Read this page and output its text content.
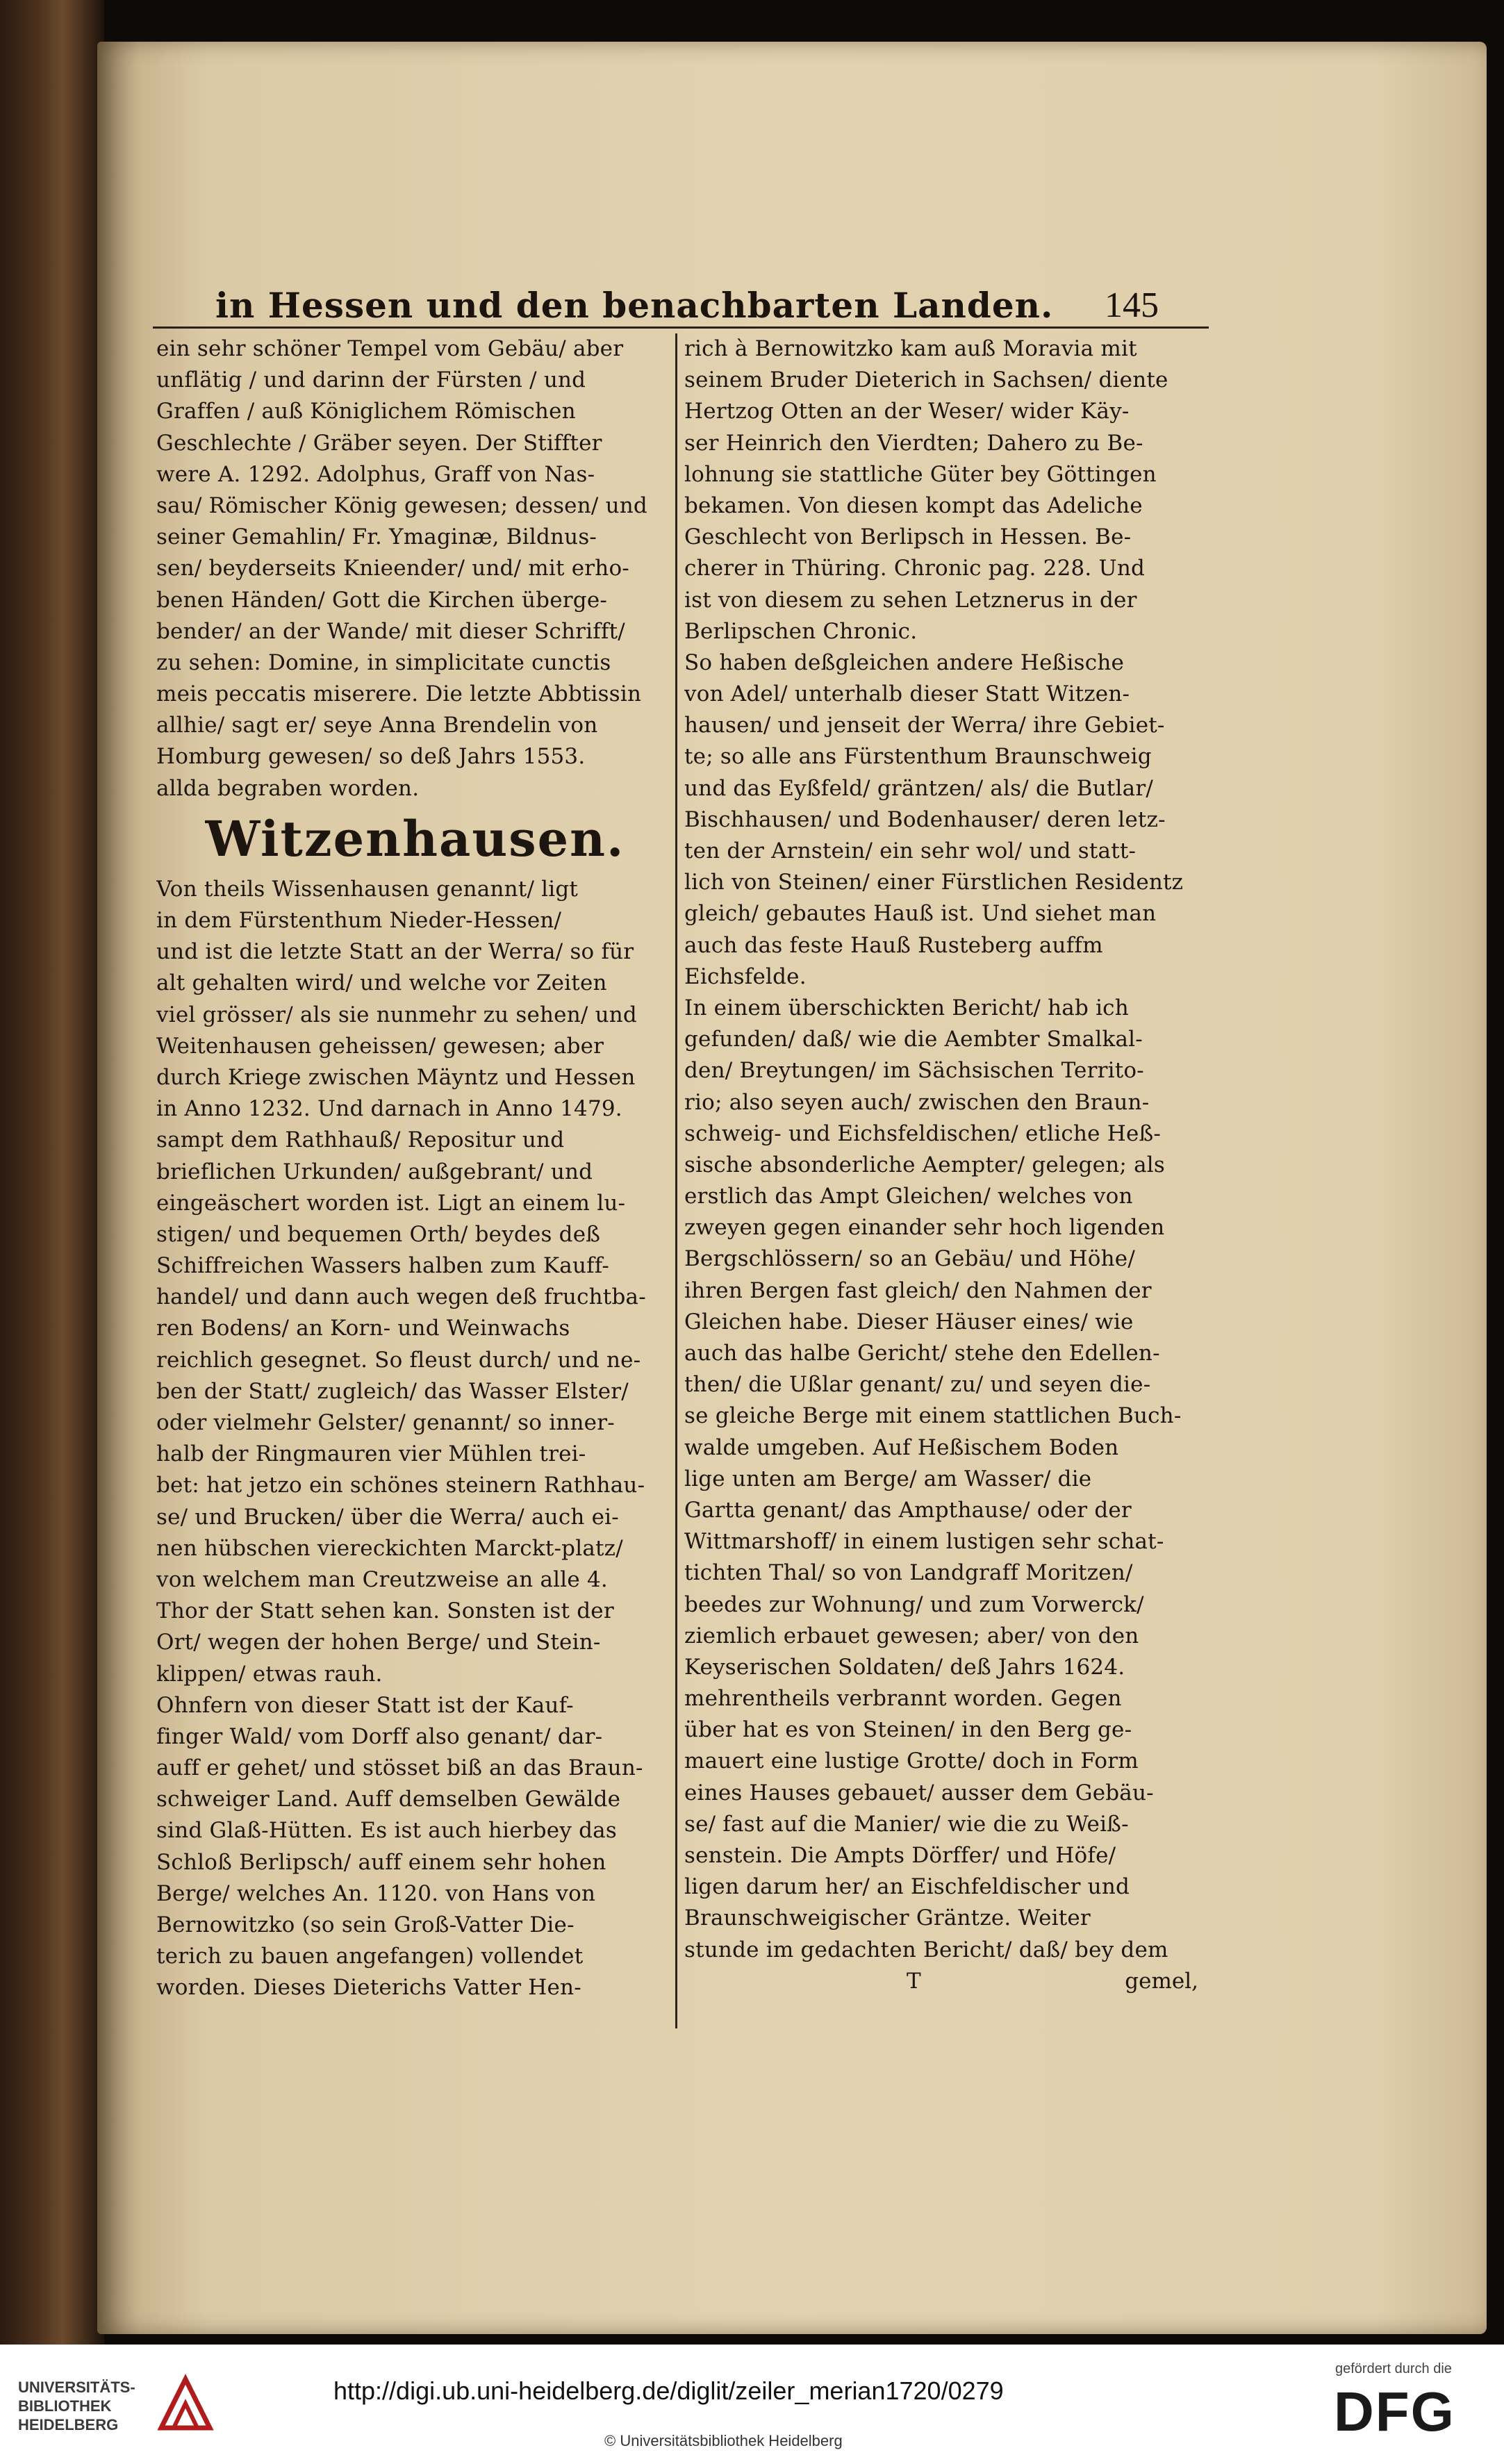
in Hessen und den benachbarten Landen.	145
ein sehr schöner Tempel vom Gebäu/ aber
unflätig / und darinn der Fürsten / und
Graffen / auß Königlichem Römischen
Geschlechte / Gräber seyen. Der Stiffter
were A. 1292. Adolphus, Graff von Nas-
sau/ Römischer König gewesen; dessen/ und
seiner Gemahlin/ Fr. Ymaginæ, Bildnus-
sen/ beyderseits Knieender/ und/ mit erho-
benen Händen/ Gott die Kirchen überge-
bender/ an der Wande/ mit dieser Schrifft/
zu sehen: Domine, in simplicitate cunctis
meis peccatis miserere. Die letzte Abbtissin
allhie/ sagt er/ seye Anna Brendelin von
Homburg gewesen/ so deß Jahrs 1553.
allda begraben worden.
Witzenhausen.
Von theils Wissenhausen genannt/ ligt
in dem Fürstenthum Nieder-Hessen/
und ist die letzte Statt an der Werra/ so für
alt gehalten wird/ und welche vor Zeiten
viel grösser/ als sie nunmehr zu sehen/ und
Weitenhausen geheissen/ gewesen; aber
durch Kriege zwischen Mäyntz und Hessen
in Anno 1232. Und darnach in Anno 1479.
sampt dem Rathhauß/ Repositur und
brieflichen Urkunden/ außgebrant/ und
eingeäschert worden ist. Ligt an einem lu-
stigen/ und bequemen Orth/ beydes deß
Schiffreichen Wassers halben zum Kauff-
handel/ und dann auch wegen deß fruchtba-
ren Bodens/ an Korn- und Weinwachs
reichlich gesegnet. So fleust durch/ und ne-
ben der Statt/ zugleich/ das Wasser Elster/
oder vielmehr Gelster/ genannt/ so inner-
halb der Ringmauren vier Mühlen trei-
bet: hat jetzo ein schönes steinern Rathhau-
se/ und Brucken/ über die Werra/ auch ei-
nen hübschen viereckichten Marckt-platz/
von welchem man Creutzweise an alle 4.
Thor der Statt sehen kan. Sonsten ist der
Ort/ wegen der hohen Berge/ und Stein-
klippen/ etwas rauh.
Ohnfern von dieser Statt ist der Kauf-
finger Wald/ vom Dorff also genant/ dar-
auff er gehet/ und stösset biß an das Braun-
schweiger Land. Auff demselben Gewälde
sind Glaß-Hütten. Es ist auch hierbey das
Schloß Berlipsch/ auff einem sehr hohen
Berge/ welches An. 1120. von Hans von
Bernowitzko (so sein Groß-Vatter Die-
terich zu bauen angefangen) vollendet
worden. Dieses Dieterichs Vatter Hen-
rich à Bernowitzko kam auß Moravia mit
seinem Bruder Dieterich in Sachsen/ diente
Hertzog Otten an der Weser/ wider Käy-
ser Heinrich den Vierdten; Dahero zu Be-
lohnung sie stattliche Güter bey Göttingen
bekamen. Von diesen kompt das Adeliche
Geschlecht von Berlipsch in Hessen. Be-
cherer in Thüring. Chronic pag. 228. Und
ist von diesem zu sehen Letznerus in der
Berlipschen Chronic.
So haben deßgleichen andere Heßische
von Adel/ unterhalb dieser Statt Witzen-
hausen/ und jenseit der Werra/ ihre Gebiet-
te; so alle ans Fürstenthum Braunschweig
und das Eyßfeld/ gräntzen/ als/ die Butlar/
Bischhausen/ und Bodenhauser/ deren letz-
ten der Arnstein/ ein sehr wol/ und statt-
lich von Steinen/ einer Fürstlichen Residentz
gleich/ gebautes Hauß ist. Und siehet man
auch das feste Hauß Rusteberg auffm
Eichsfelde.
In einem überschickten Bericht/ hab ich
gefunden/ daß/ wie die Aembter Smalkal-
den/ Breytungen/ im Sächsischen Territo-
rio; also seyen auch/ zwischen den Braun-
schweig- und Eichsfeldischen/ etliche Heß-
sische absonderliche Aempter/ gelegen; als
erstlich das Ampt Gleichen/ welches von
zweyen gegen einander sehr hoch ligenden
Bergschlössern/ so an Gebäu/ und Höhe/
ihren Bergen fast gleich/ den Nahmen der
Gleichen habe. Dieser Häuser eines/ wie
auch das halbe Gericht/ stehe den Edellen-
then/ die Ußlar genant/ zu/ und seyen die-
se gleiche Berge mit einem stattlichen Buch-
walde umgeben. Auf Heßischem Boden
lige unten am Berge/ am Wasser/ die
Gartta genant/ das Ampthause/ oder der
Wittmarshoff/ in einem lustigen sehr schat-
tichten Thal/ so von Landgraff Moritzen/
beedes zur Wohnung/ und zum Vorwerck/
ziemlich erbauet gewesen; aber/ von den
Keyserischen Soldaten/ deß Jahrs 1624.
mehrentheils verbrannt worden. Gegen
über hat es von Steinen/ in den Berg ge-
mauert eine lustige Grotte/ doch in Form
eines Hauses gebauet/ ausser dem Gebäu-
se/ fast auf die Manier/ wie die zu Weiß-
senstein. Die Ampts Dörffer/ und Höfe/
ligen darum her/ an Eischfeldischer und
Braunschweigischer Gräntze. Weiter
stunde im gedachten Bericht/ daß/ bey dem
T	gemel,
UNIVERSITÄTS-
BIBLIOTHEK
HEIDELBERG
http://digi.ub.uni-heidelberg.de/diglit/zeiler_merian1720/0279
© Universitätsbibliothek Heidelberg
gefördert durch die
DFG
